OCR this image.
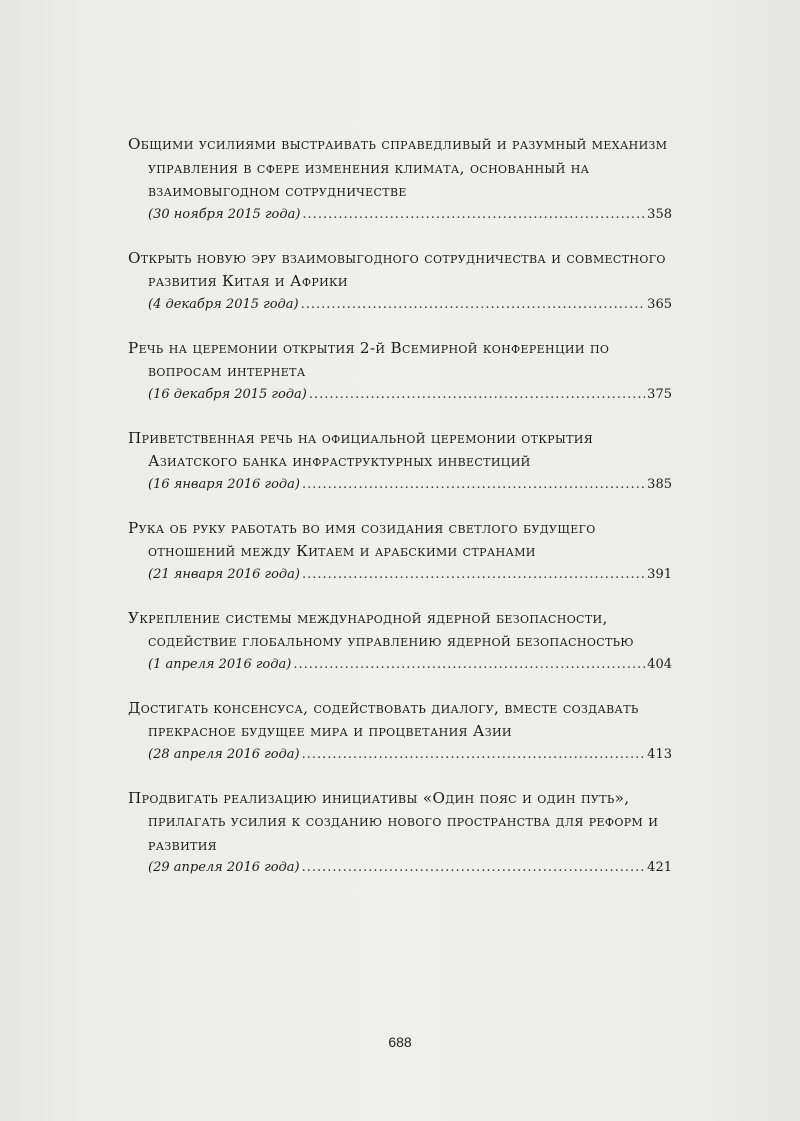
Общими усилиями выстраивать справедливый и разумный механизм управления в сфере изменения климата, основанный на взаимовыгодном сотрудничестве
(30 ноября 2015 года) .....	358
Открыть новую эру взаимовыгодного сотрудничества и совместного развития Китая и Африки
(4 декабря 2015 года) .....	365
Речь на церемонии открытия 2-й Всемирной конференции по вопросам интернета
(16 декабря 2015 года) .....	375
Приветственная речь на официальной церемонии открытия Азиатского банка инфраструктурных инвестиций
(16 января 2016 года) .....	385
Рука об руку работать во имя созидания светлого будущего отношений между Китаем и арабскими странами
(21 января 2016 года) .....	391
Укрепление системы международной ядерной безопасности, содействие глобальному управлению ядерной безопасностью
(1 апреля 2016 года) .....	404
Достигать консенсуса, содействовать диалогу, вместе создавать прекрасное будущее мира и процветания Азии
(28 апреля 2016 года) .....	413
Продвигать реализацию инициативы «Один пояс и один путь», прилагать усилия к созданию нового пространства для реформ и развития
(29 апреля 2016 года) .....	421
688
